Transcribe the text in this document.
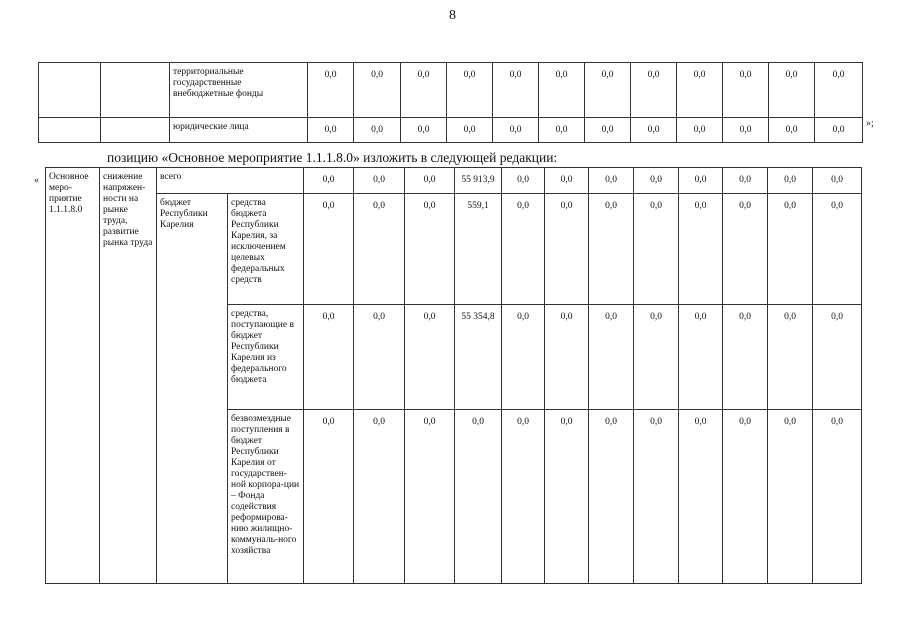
8
		территориальные государственные внебюджетные фонды	0,0	0,0	0,0	0,0	0,0	0,0	0,0	0,0	0,0	0,0	0,0	0,0
		юридические лица	0,0	0,0	0,0	0,0	0,0	0,0	0,0	0,0	0,0	0,0	0,0	0,0
»;
позицию «Основное мероприятие 1.1.1.8.0» изложить в следующей редакции:
« Основное меро-приятие 1.1.1.8.0	снижение напряжен-ности на рынке труда, развитие рынка труда	всего		0,0	0,0	0,0	55 913,9	0,0	0,0	0,0	0,0	0,0	0,0	0,0	0,0
		бюджет Республики Карелия	средства бюджета Республики Карелия, за исключением целевых федеральных средств	0,0	0,0	0,0	559,1	0,0	0,0	0,0	0,0	0,0	0,0	0,0	0,0
			средства, поступающие в бюджет Республики Карелия из федерального бюджета	0,0	0,0	0,0	55 354,8	0,0	0,0	0,0	0,0	0,0	0,0	0,0	0,0
			безвозмездные поступления в бюджет Республики Карелия от государствен-ной корпора-ции – Фонда содействия реформирова-нию жилищно-коммуналь-ного хозяйства	0,0	0,0	0,0	0,0	0,0	0,0	0,0	0,0	0,0	0,0	0,0	0,0
